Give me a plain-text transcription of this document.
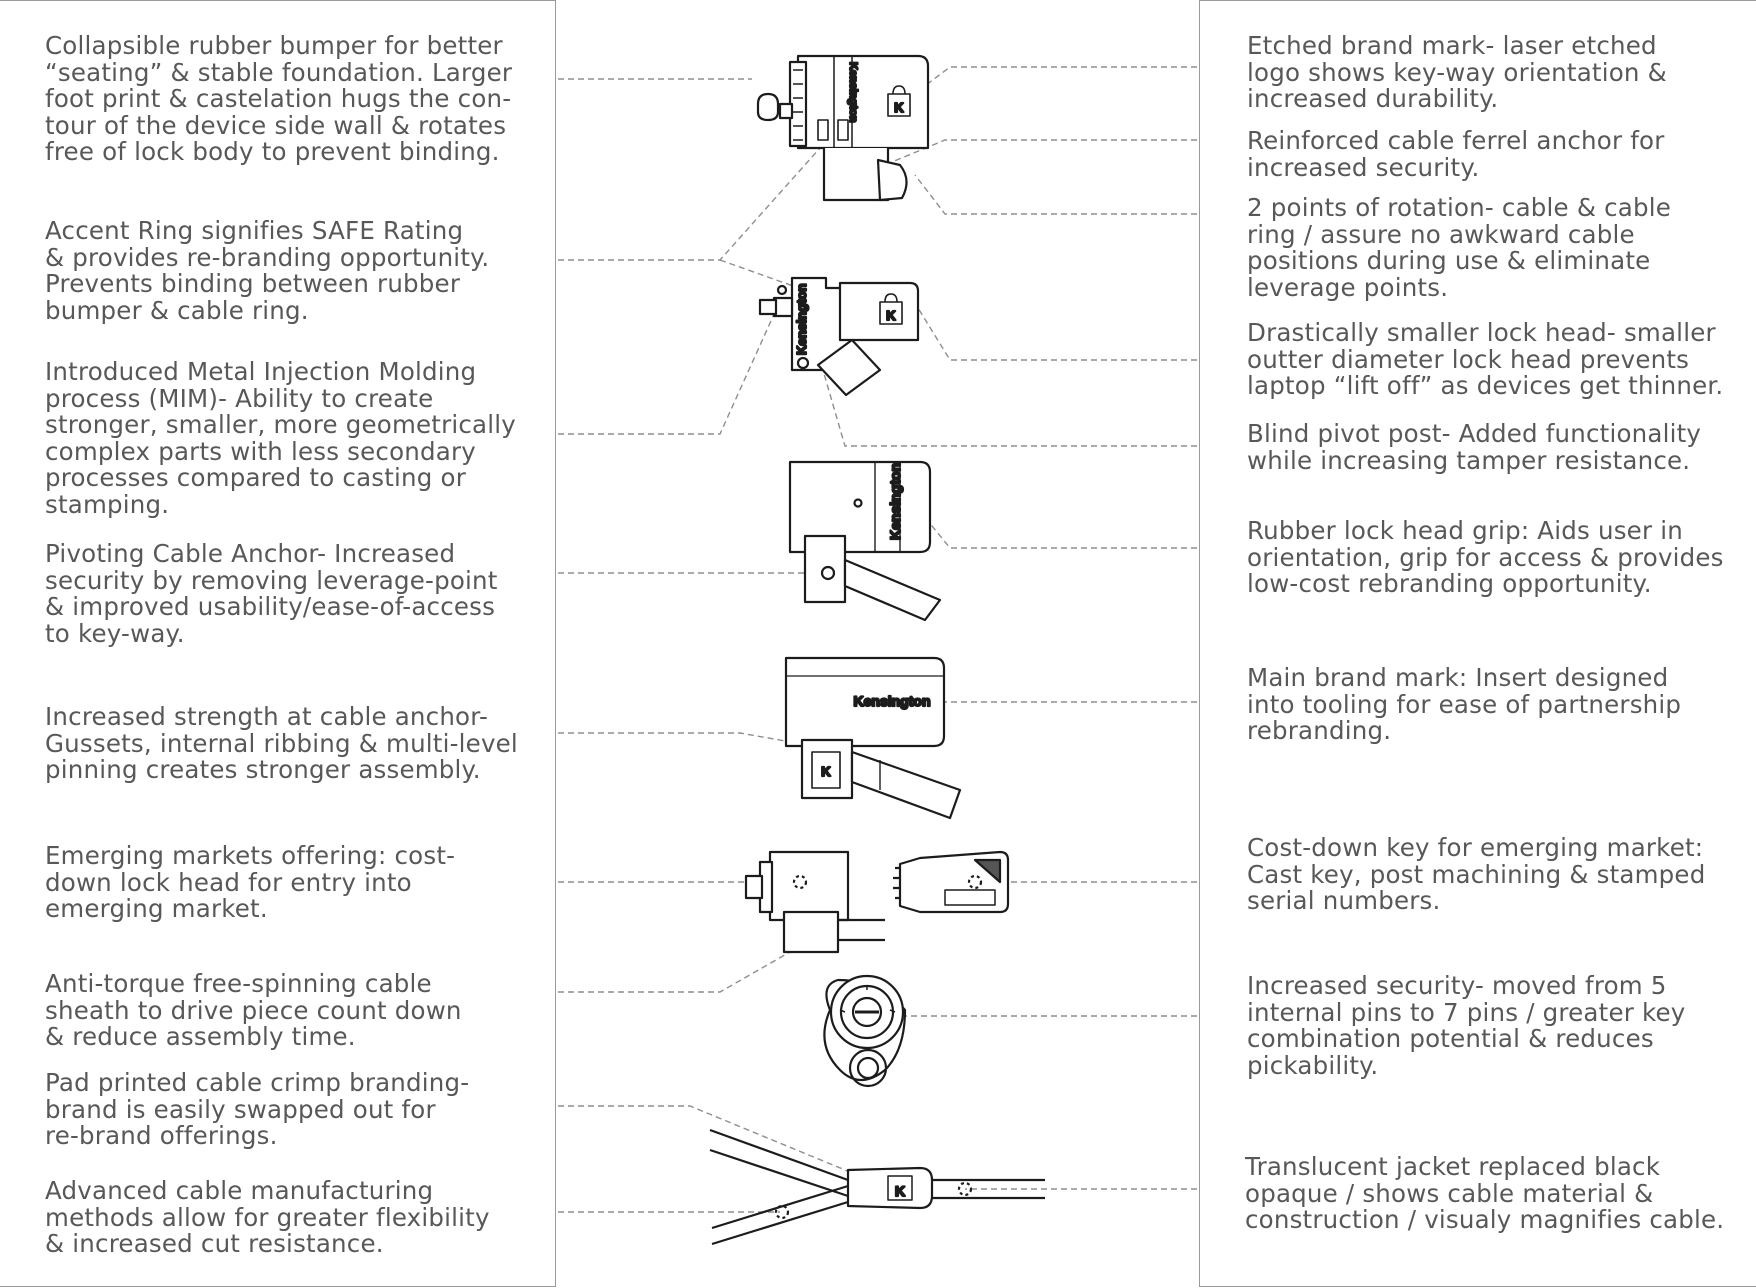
Collapsible rubber bumper for better
“seating” & stable foundation. Larger
foot print & castelation hugs the con-
tour of the device side wall & rotates
free of lock body to prevent binding.

Accent Ring signifies SAFE Rating
& provides re-branding opportunity.
Prevents binding between rubber
bumper & cable ring.

Introduced Metal Injection Molding
process (MIM)- Ability to create
stronger, smaller, more geometrically
complex parts with less secondary
processes compared to casting or
stamping.

Pivoting Cable Anchor- Increased
security by removing leverage-point
& improved usability/ease-of-access
to key-way.

Increased strength at cable anchor-
Gussets, internal ribbing & multi-level
pinning creates stronger assembly.

Emerging markets offering: cost-
down lock head for entry into
emerging market.

Anti-torque free-spinning cable
sheath to drive piece count down
& reduce assembly time.

Pad printed cable crimp branding-
brand is easily swapped out for
re-brand offerings.

Advanced cable manufacturing
methods allow for greater flexibility
& increased cut resistance.

Etched brand mark- laser etched
logo shows key-way orientation &
increased durability.

Reinforced cable ferrel anchor for
increased security.

2 points of rotation- cable & cable
ring / assure no awkward cable
positions during use & eliminate
leverage points.

Drastically smaller lock head- smaller
outter diameter lock head prevents
laptop “lift off” as devices get thinner.

Blind pivot post- Added functionality
while increasing tamper resistance.

Rubber lock head grip: Aids user in
orientation, grip for access & provides
low-cost rebranding opportunity.

Main brand mark: Insert designed
into tooling for ease of partnership
rebranding.

Cost-down key for emerging market:
Cast key, post machining & stamped
serial numbers.

Increased security- moved from 5
internal pins to 7 pins / greater key
combination potential & reduces
pickability.

Translucent jacket replaced black
opaque / shows cable material &
construction / visualy magnifies cable.

K
Kensington
K
Kensington
Kensington
Kensington
K
K
